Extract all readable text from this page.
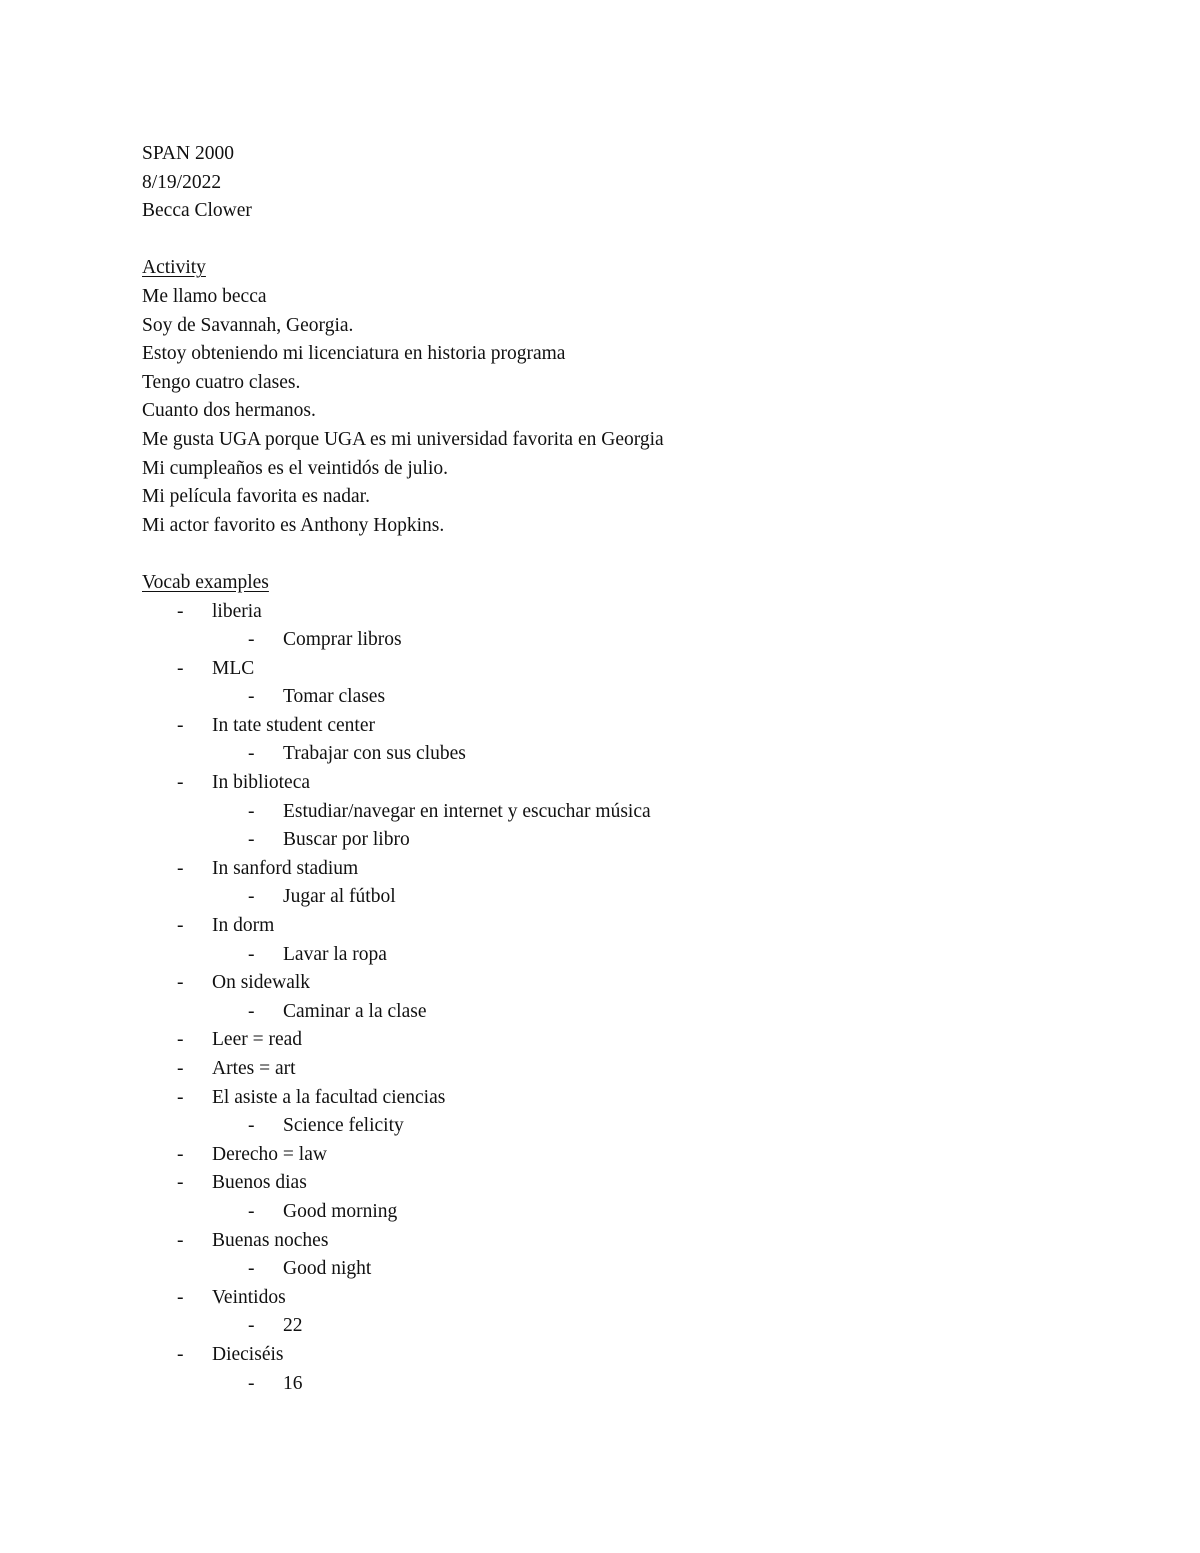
SPAN 2000
8/19/2022
Becca Clower
Activity
Me llamo becca
Soy de Savannah, Georgia.
Estoy obteniendo mi licenciatura en historia programa
Tengo cuatro clases.
Cuanto dos hermanos.
Me gusta UGA porque UGA es mi universidad favorita en Georgia
Mi cumpleaños es el veintidós de julio.
Mi película favorita es nadar.
Mi actor favorito es Anthony Hopkins.
Vocab examples
- liberia
- Comprar libros
- MLC
- Tomar clases
- In tate student center
- Trabajar con sus clubes
- In biblioteca
- Estudiar/navegar en internet y escuchar música
- Buscar por libro
- In sanford stadium
- Jugar al fútbol
- In dorm
- Lavar la ropa
- On sidewalk
- Caminar a la clase
- Leer = read
- Artes = art
- El asiste a la facultad ciencias
- Science felicity
- Derecho = law
- Buenos dias
- Good morning
- Buenas noches
- Good night
- Veintidos
- 22
- Dieciséis
- 16
